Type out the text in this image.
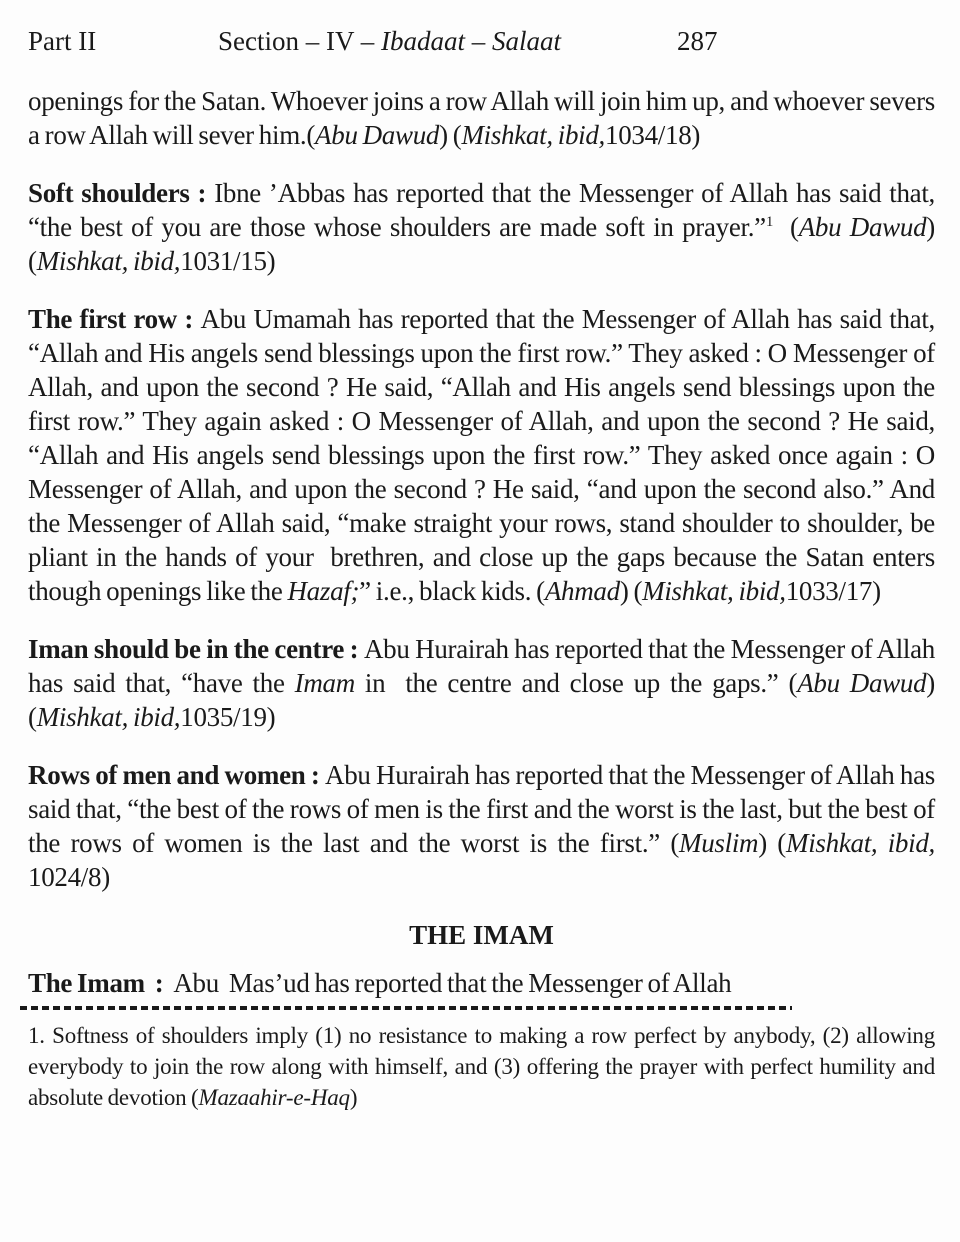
Part II	Section – IV – Ibadaat – Salaat	287

openings for the Satan. Whoever joins a row Allah will join him up, and whoever severs a row Allah will sever him.(Abu Dawud) (Mishkat, ibid,1034/18)

Soft shoulders : Ibne ’Abbas has reported that the Messenger of Allah has said that, “the best of you are those whose shoulders are made soft in prayer.”$^1$  (Abu Dawud) (Mishkat, ibid,1031/15)

The first row : Abu Umamah has reported that the Messenger of Allah has said that, “Allah and His angels send blessings upon the first row.” They asked : O Messenger of Allah, and upon the second ? He said, “Allah and His angels send blessings upon the first row.” They again asked : O Messenger of Allah, and upon the second ? He said, “Allah and His angels send blessings upon the first row.” They asked once again : O Messenger of Allah, and upon the second ? He said, “and upon the second also.” And the Messenger of Allah said, “make straight your rows, stand shoulder to shoulder, be pliant in the hands of your  brethren, and close up the gaps because the Satan enters though openings like the Hazaf;” i.e., black kids. (Ahmad) (Mishkat, ibid,1033/17)

Iman should be in the centre : Abu Hurairah has reported that the Messenger of Allah has said that, “have the Imam in  the centre and close up the gaps.” (Abu Dawud) (Mishkat, ibid,1035/19)

Rows of men and women : Abu Hurairah has reported that the Messenger of Allah has said that, “the best of the rows of men is the first and the worst is the last, but the best of the rows of women is the last and the worst is the first.” (Muslim) (Mishkat, ibid, 1024/8)

THE IMAM

The Imam  :  Abu  Mas’ud has reported that the Messenger of Allah

1. Softness of shoulders imply (1) no resistance to making a row perfect by anybody, (2) allowing everybody to join the row along with himself, and (3) offering the prayer with perfect humility and absolute devotion (Mazaahir-e-Haq)
